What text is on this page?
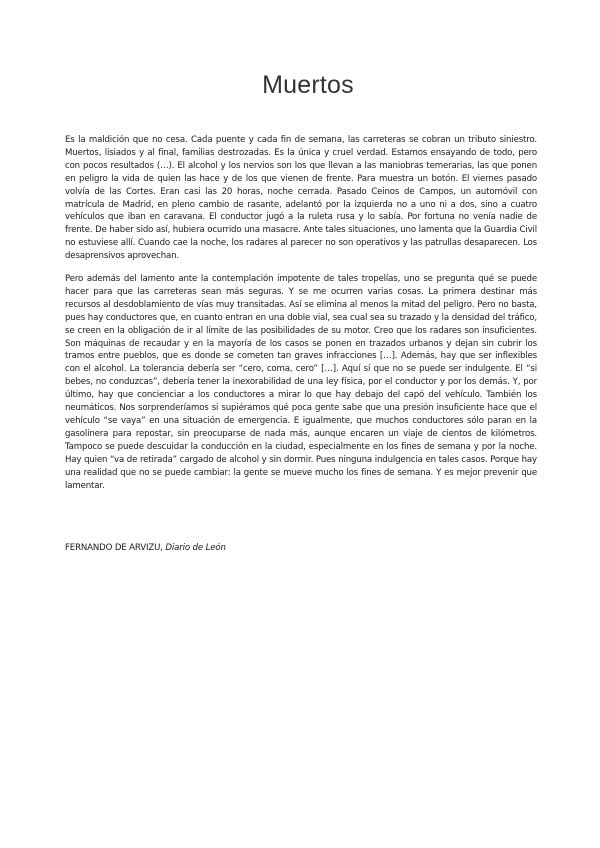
Muertos

Es la maldición que no cesa. Cada puente y cada fin de semana, las carreteras se cobran un tributo siniestro. Muertos, lisiados y al final, familias destrozadas. Es la única y cruel verdad. Estamos ensayando de todo, pero con pocos resultados (…). El alcohol y los nervios son los que llevan a las maniobras temerarias, las que ponen en peligro la vida de quien las hace y de los que vienen de frente. Para muestra un botón. El viernes pasado volvía de las Cortes. Eran casi las 20 horas, noche cerrada. Pasado Ceinos de Campos, un automóvil con matrícula de Madrid, en pleno cambio de rasante, adelantó por la izquierda no a uno ni a dos, sino a cuatro vehículos que iban en caravana. El conductor jugó a la ruleta rusa y lo sabía. Por fortuna no venía nadie de frente. De haber sido así, hubiera ocurrido una masacre. Ante tales situaciones, uno lamenta que la Guardia Civil no estuviese allí. Cuando cae la noche, los radares al parecer no son operativos y las patrullas desaparecen. Los desaprensivos aprovechan.

Pero además del lamento ante la contemplación impotente de tales tropelías, uno se pregunta qué se puede hacer para que las carreteras sean más seguras. Y se me ocurren varias cosas. La primera destinar más recursos al desdoblamiento de vías muy transitadas. Así se elimina al menos la mitad del peligro. Pero no basta, pues hay conductores que, en cuanto entran en una doble vial, sea cual sea su trazado y la densidad del tráfico, se creen en la obligación de ir al límite de las posibilidades de su motor. Creo que los radares son insuficientes. Son máquinas de recaudar y en la mayoría de los casos se ponen en trazados urbanos y dejan sin cubrir los tramos entre pueblos, que es donde se cometen tan graves infracciones […]. Además, hay que ser inflexibles con el alcohol. La tolerancia debería ser “cero, coma, cero” […]. Aquí sí que no se puede ser indulgente. El “si bebes, no conduzcas”, debería tener la inexorabilidad de una ley física, por el conductor y por los demás. Y, por último, hay que concienciar a los conductores a mirar lo que hay debajo del capó del vehículo. También los neumáticos. Nos sorprenderíamos si supiéramos qué poca gente sabe que una presión insuficiente hace que el vehículo “se vaya” en una situación de emergencia. E igualmente, que muchos conductores sólo paran en la gasolinera para repostar, sin preocuparse de nada más, aunque encaren un viaje de cientos de kilómetros. Tampoco se puede descuidar la conducción en la ciudad, especialmente en los fines de semana y por la noche. Hay quien “va de retirada” cargado de alcohol y sin dormir. Pues ninguna indulgencia en tales casos. Porque hay una realidad que no se puede cambiar: la gente se mueve mucho los fines de semana. Y es mejor prevenir que lamentar.

FERNANDO DE ARVIZU, Diario de León
